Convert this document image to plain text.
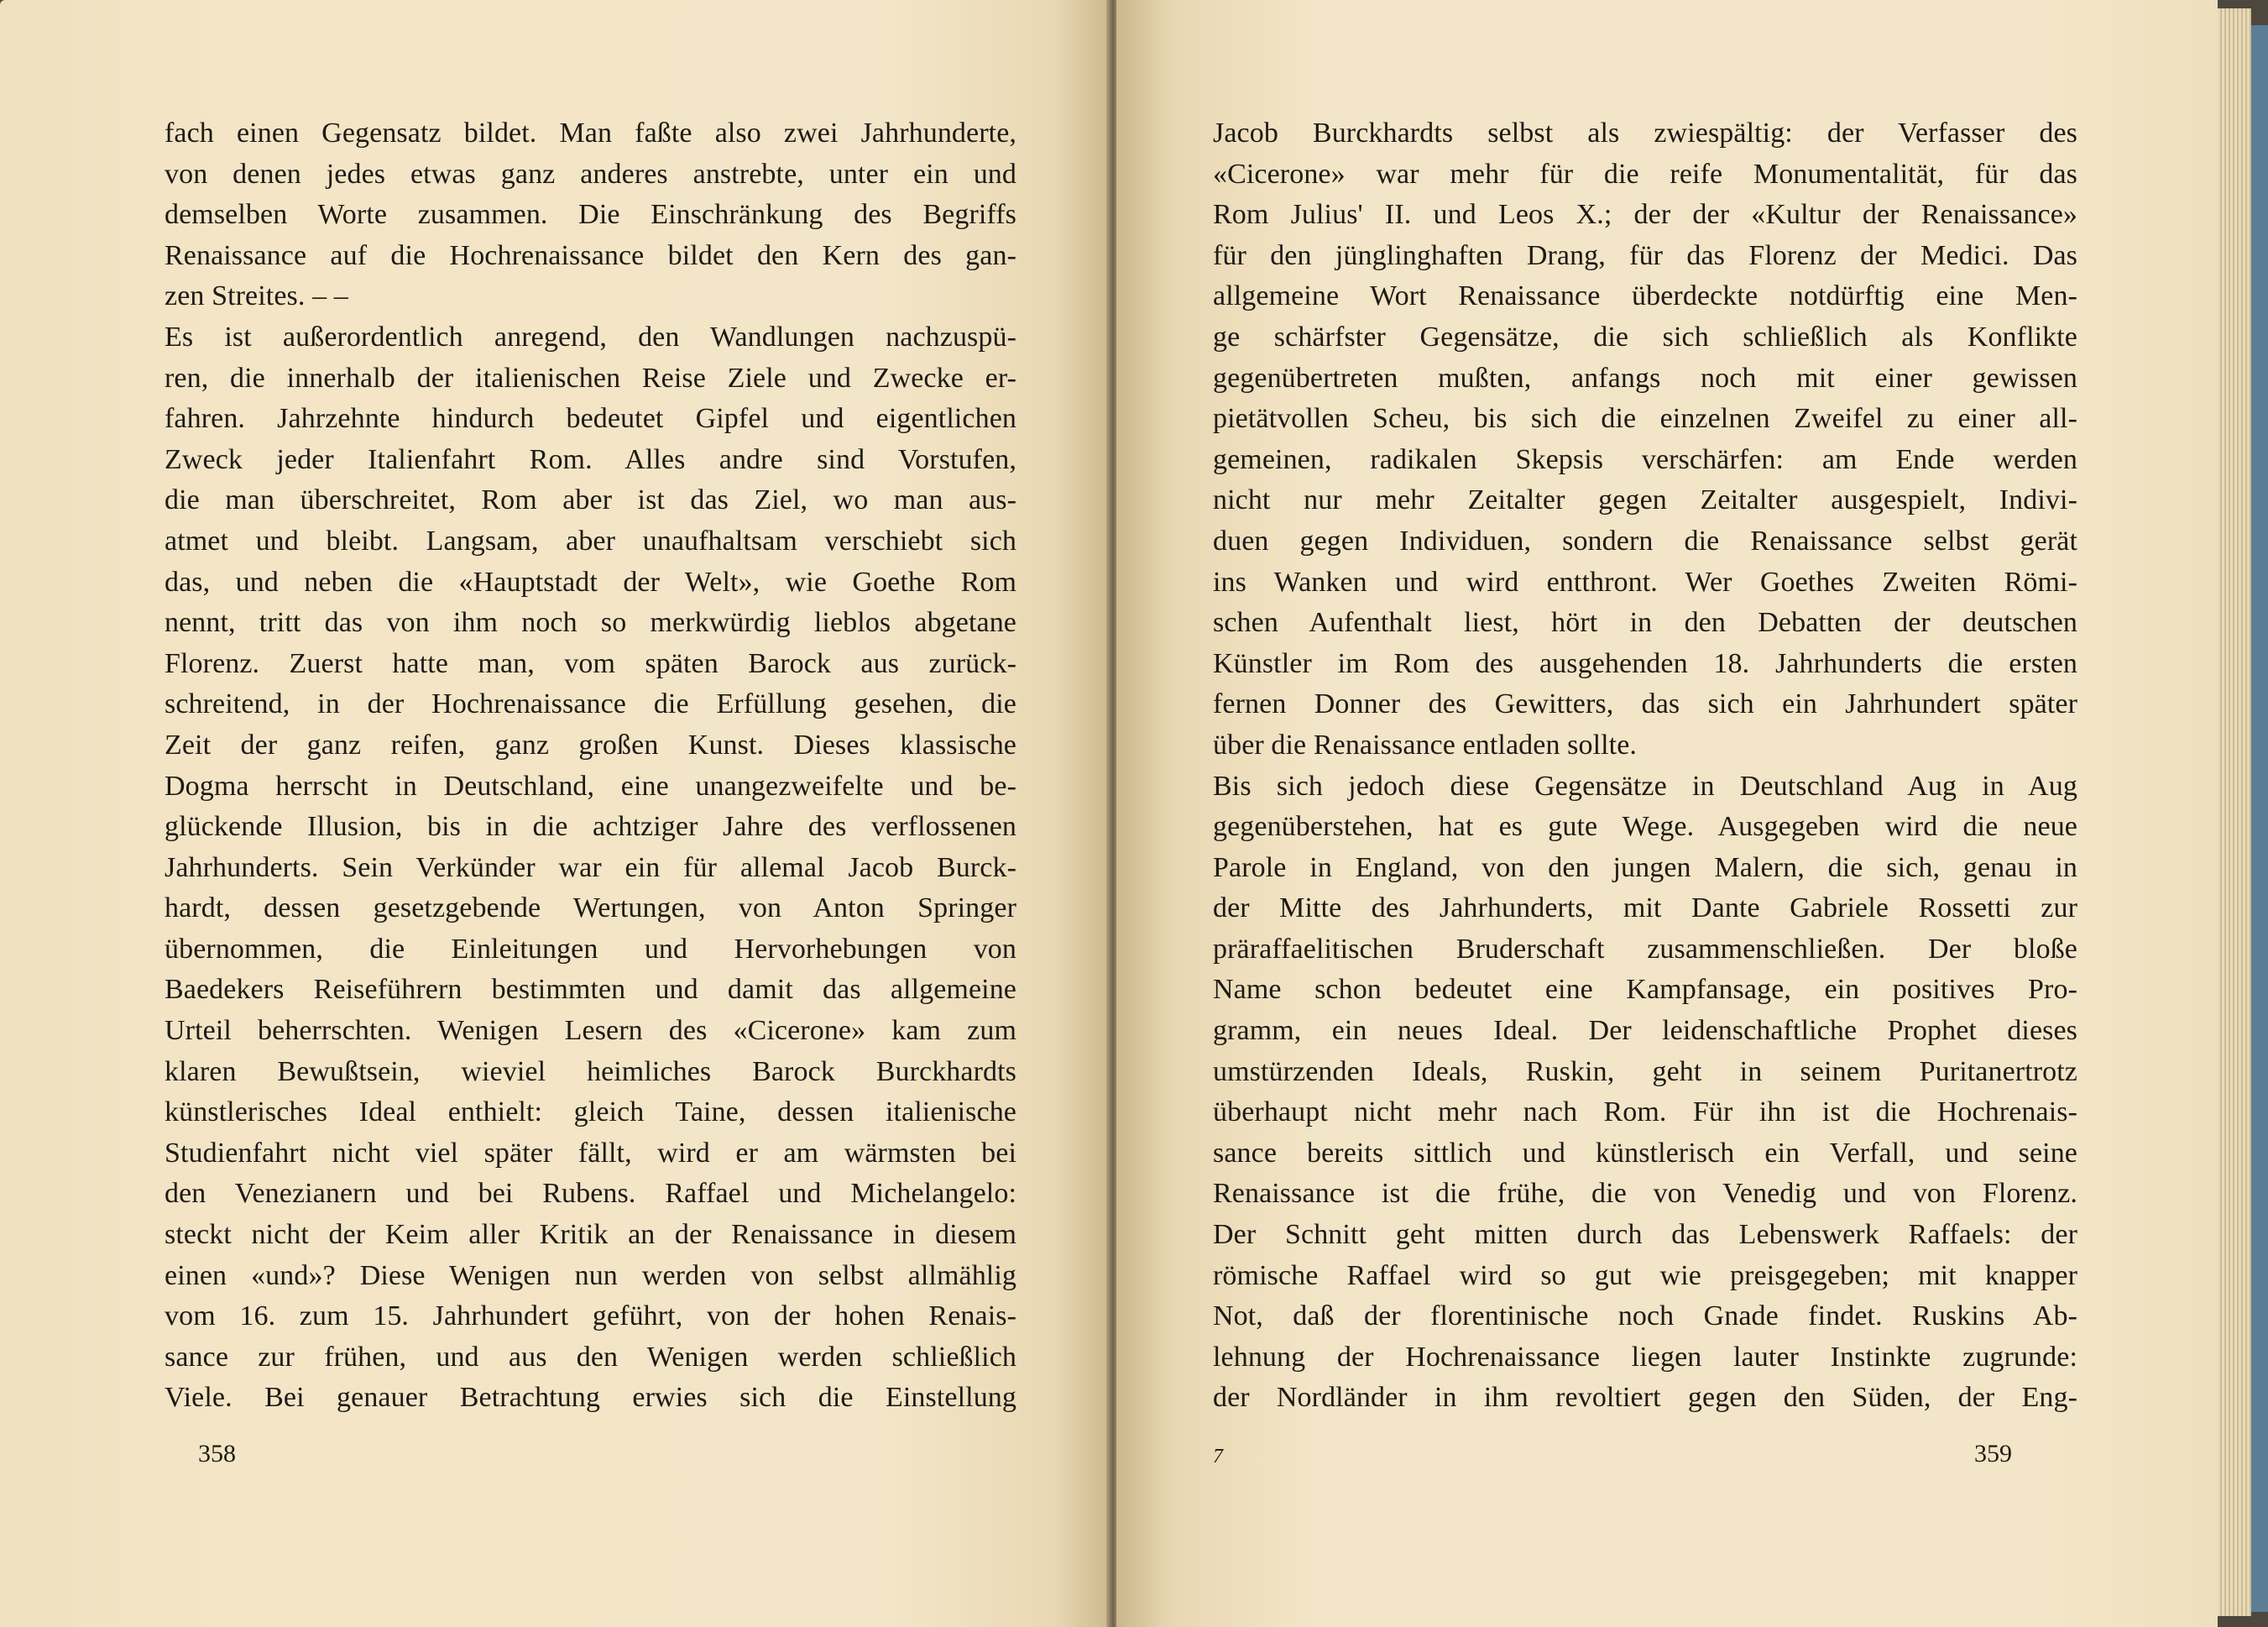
fach einen Gegensatz bildet. Man faßte also zwei Jahrhunderte,
von denen jedes etwas ganz anderes anstrebte, unter ein und
demselben Worte zusammen. Die Einschränkung des Begriffs
Renaissance auf die Hochrenaissance bildet den Kern des gan-
zen Streites. – –
Es ist außerordentlich anregend, den Wandlungen nachzuspü-
ren, die innerhalb der italienischen Reise Ziele und Zwecke er-
fahren. Jahrzehnte hindurch bedeutet Gipfel und eigentlichen
Zweck jeder Italienfahrt Rom. Alles andre sind Vorstufen,
die man überschreitet, Rom aber ist das Ziel, wo man aus-
atmet und bleibt. Langsam, aber unaufhaltsam verschiebt sich
das, und neben die «Hauptstadt der Welt», wie Goethe Rom
nennt, tritt das von ihm noch so merkwürdig lieblos abgetane
Florenz. Zuerst hatte man, vom späten Barock aus zurück-
schreitend, in der Hochrenaissance die Erfüllung gesehen, die
Zeit der ganz reifen, ganz großen Kunst. Dieses klassische
Dogma herrscht in Deutschland, eine unangezweifelte und be-
glückende Illusion, bis in die achtziger Jahre des verflossenen
Jahrhunderts. Sein Verkünder war ein für allemal Jacob Burck-
hardt, dessen gesetzgebende Wertungen, von Anton Springer
übernommen, die Einleitungen und Hervorhebungen von
Baedekers Reiseführern bestimmten und damit das allgemeine
Urteil beherrschten. Wenigen Lesern des «Cicerone» kam zum
klaren Bewußtsein, wieviel heimliches Barock Burckhardts
künstlerisches Ideal enthielt: gleich Taine, dessen italienische
Studienfahrt nicht viel später fällt, wird er am wärmsten bei
den Venezianern und bei Rubens. Raffael und Michelangelo:
steckt nicht der Keim aller Kritik an der Renaissance in diesem
einen «und»? Diese Wenigen nun werden von selbst allmählig
vom 16. zum 15. Jahrhundert geführt, von der hohen Renais-
sance zur frühen, und aus den Wenigen werden schließlich
Viele. Bei genauer Betrachtung erwies sich die Einstellung
358
Jacob Burckhardts selbst als zwiespältig: der Verfasser des
«Cicerone» war mehr für die reife Monumentalität, für das
Rom Julius' II. und Leos X.; der der «Kultur der Renaissance»
für den jünglinghaften Drang, für das Florenz der Medici. Das
allgemeine Wort Renaissance überdeckte notdürftig eine Men-
ge schärfster Gegensätze, die sich schließlich als Konflikte
gegenübertreten mußten, anfangs noch mit einer gewissen
pietätvollen Scheu, bis sich die einzelnen Zweifel zu einer all-
gemeinen, radikalen Skepsis verschärfen: am Ende werden
nicht nur mehr Zeitalter gegen Zeitalter ausgespielt, Indivi-
duen gegen Individuen, sondern die Renaissance selbst gerät
ins Wanken und wird entthront. Wer Goethes Zweiten Römi-
schen Aufenthalt liest, hört in den Debatten der deutschen
Künstler im Rom des ausgehenden 18. Jahrhunderts die ersten
fernen Donner des Gewitters, das sich ein Jahrhundert später
über die Renaissance entladen sollte.
Bis sich jedoch diese Gegensätze in Deutschland Aug in Aug
gegenüberstehen, hat es gute Wege. Ausgegeben wird die neue
Parole in England, von den jungen Malern, die sich, genau in
der Mitte des Jahrhunderts, mit Dante Gabriele Rossetti zur
präraffaelitischen Bruderschaft zusammenschließen. Der bloße
Name schon bedeutet eine Kampfansage, ein positives Pro-
gramm, ein neues Ideal. Der leidenschaftliche Prophet dieses
umstürzenden Ideals, Ruskin, geht in seinem Puritanertrotz
überhaupt nicht mehr nach Rom. Für ihn ist die Hochrenais-
sance bereits sittlich und künstlerisch ein Verfall, und seine
Renaissance ist die frühe, die von Venedig und von Florenz.
Der Schnitt geht mitten durch das Lebenswerk Raffaels: der
römische Raffael wird so gut wie preisgegeben; mit knapper
Not, daß der florentinische noch Gnade findet. Ruskins Ab-
lehnung der Hochrenaissance liegen lauter Instinkte zugrunde:
der Nordländer in ihm revoltiert gegen den Süden, der Eng-
7	359
